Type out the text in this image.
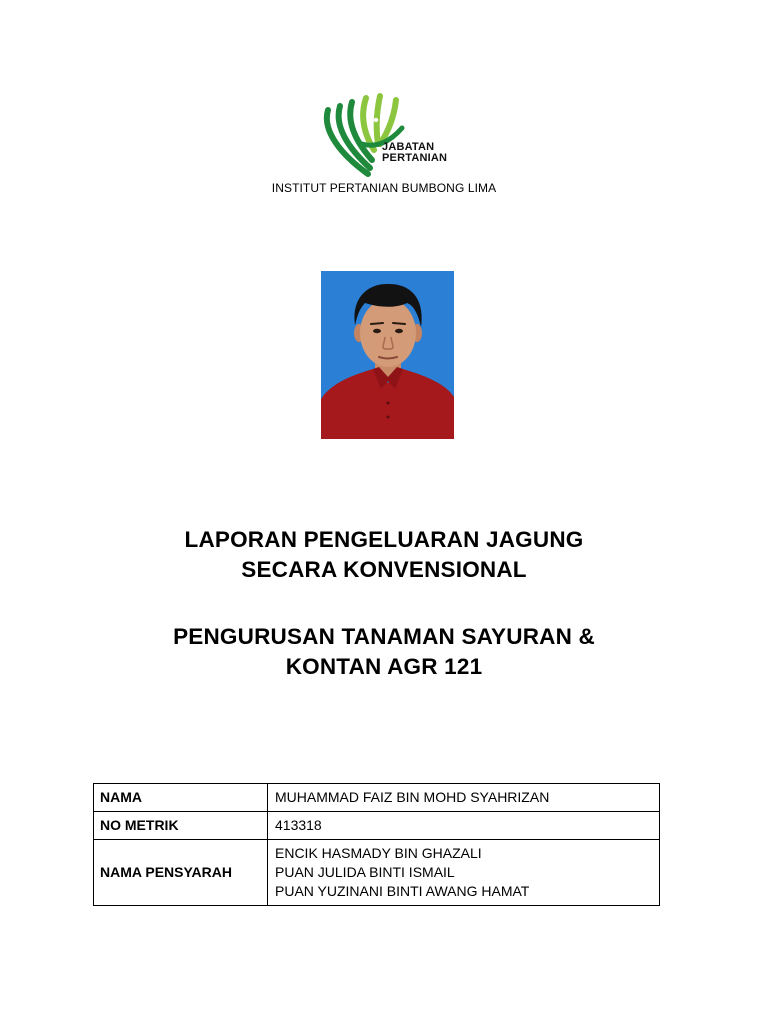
JABATAN
PERTANIAN
INSTITUT PERTANIAN BUMBONG LIMA
LAPORAN PENGELUARAN JAGUNG
SECARA KONVENSIONAL
PENGURUSAN TANAMAN SAYURAN &
KONTAN AGR 121
NAMA	MUHAMMAD FAIZ BIN MOHD SYAHRIZAN

NO METRIK	413318

NAMA PENSYARAH	ENCIK HASMADY BIN GHAZALI
PUAN JULIDA BINTI ISMAIL
PUAN YUZINANI BINTI AWANG HAMAT
